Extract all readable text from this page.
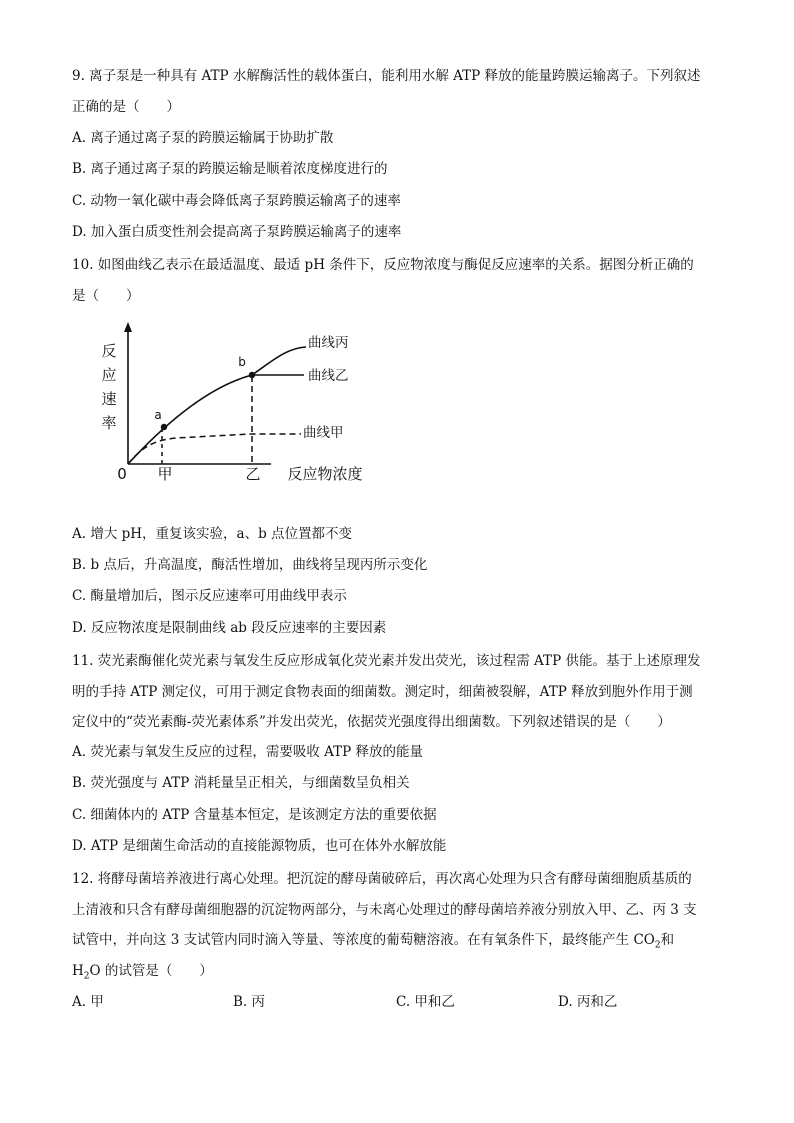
9. 离子泵是一种具有 ATP 水解酶活性的载体蛋白，能利用水解 ATP 释放的能量跨膜运输离子。下列叙述
正确的是（　　）
A. 离子通过离子泵的跨膜运输属于协助扩散
B. 离子通过离子泵的跨膜运输是顺着浓度梯度进行的
C. 动物一氧化碳中毒会降低离子泵跨膜运输离子的速率
D. 加入蛋白质变性剂会提高离子泵跨膜运输离子的速率
10. 如图曲线乙表示在最适温度、最适 pH 条件下，反应物浓度与酶促反应速率的关系。据图分析正确的
是（　　）
反
应
速
率
0 甲	乙 反应物浓度
a
b
曲线丙
曲线乙
曲线甲
A. 增大 pH，重复该实验，a、b 点位置都不变
B. b 点后，升高温度，酶活性增加，曲线将呈现丙所示变化
C. 酶量增加后，图示反应速率可用曲线甲表示
D. 反应物浓度是限制曲线 ab 段反应速率的主要因素
11. 荧光素酶催化荧光素与氧发生反应形成氧化荧光素并发出荧光，该过程需 ATP 供能。基于上述原理发
明的手持 ATP 测定仪，可用于测定食物表面的细菌数。测定时，细菌被裂解，ATP 释放到胞外作用于测
定仪中的“荧光素酶-荧光素体系”并发出荧光，依据荧光强度得出细菌数。下列叙述错误的是（　　）
A. 荧光素与氧发生反应的过程，需要吸收 ATP 释放的能量
B. 荧光强度与 ATP 消耗量呈正相关，与细菌数呈负相关
C. 细菌体内的 ATP 含量基本恒定，是该测定方法的重要依据
D. ATP 是细菌生命活动的直接能源物质，也可在体外水解放能
12. 将酵母菌培养液进行离心处理。把沉淀的酵母菌破碎后，再次离心处理为只含有酵母菌细胞质基质的
上清液和只含有酵母菌细胞器的沉淀物两部分，与未离心处理过的酵母菌培养液分别放入甲、乙、丙 3 支
试管中，并向这 3 支试管内同时滴入等量、等浓度的葡萄糖溶液。在有氧条件下，最终能产生 $CO_2$和
$H_2O$ 的试管是（　　）
A. 甲	B. 丙	C. 甲和乙	D. 丙和乙
